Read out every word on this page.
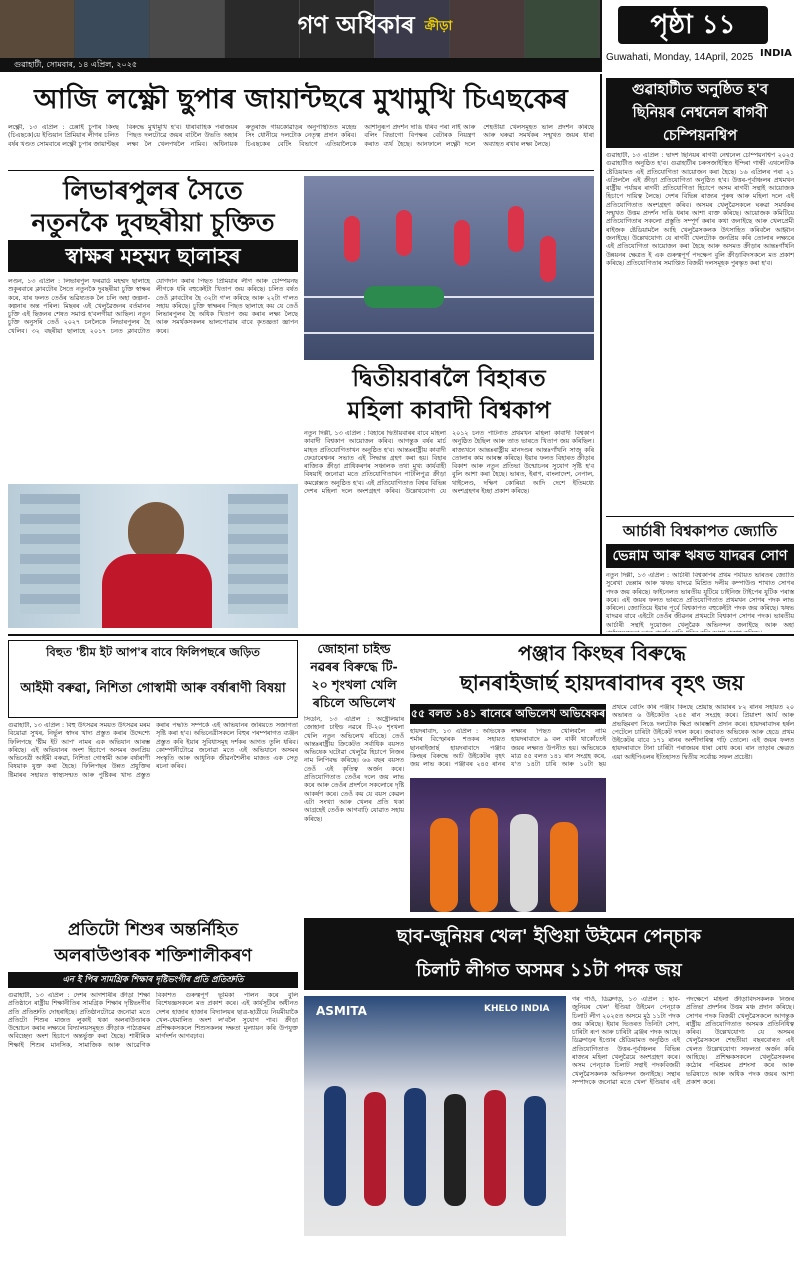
গণ অধিকাৰ ক্ৰীড়া
গুৱাহাটী, সোমবাৰ, ১৪ এপ্ৰিল, ২০২৫
পৃষ্ঠা ১১
Guwahati, Monday, 14April, 2025 INDIA
আজি লক্ষ্ণৌ ছুপাৰ জায়ান্টছৰে মুখামুখি চিএছকেৰ
লক্ষ্ণৌ, ১৩ এপ্ৰিল : চেন্নাই চুপাৰ কিংছ (চিএছকে)য়ে ইণ্ডিয়ান প্ৰিমিয়াৰ লীগৰ চলিত বৰ্ষৰ খণ্ডত সোমবাৰে লক্ষ্ণৌ চুপাৰ জায়ান্টছৰ বিৰুদ্ধে মুখামুখি হ'ব। ধাৰাবাহিক পৰাজয়ৰ পিছত দলটোৱে জয়ৰ বাটলৈ উভতি অহাৰ লক্ষ্য লৈ খেলপথলৈ নামিব। অধিনায়ক ৰুতুৰাজ গায়কোৱাড়ৰ অনুপস্থিতিত মহেন্দ্ৰ সিং ধোনীয়ে দলটোক নেতৃত্ব প্ৰদান কৰিব। চিএছকেৰ বেটিং বিভাগে এতিয়ালৈকে আশানুৰূপ প্ৰদৰ্শন দাঙি ধৰিব পৰা নাই আৰু বলিং বিভাগো বিপক্ষৰ বেটাৰক নিয়ন্ত্ৰণ কৰাত ব্যৰ্থ হৈছে। আনফালে লক্ষ্ণৌ দলে শেহতীয়া খেলসমূহত ভাল প্ৰদৰ্শন কৰিছে আৰু ঘৰুৱা সমৰ্থকৰ সন্মুখত জয়ৰ ধাৰা অব্যাহত ৰখাৰ লক্ষ্য লৈছে।
গুৱাহাটীত অনুষ্ঠিত হ'ব ছিনিয়ৰ নেশ্বনেল ৰাগবী চেম্পিয়নশ্বিপ
গুৱাহাটী, ১৩ এপ্ৰিল : দ্বাদশ ছিনিয়ৰ ৰাগবী নেশ্বনেল চেম্পিয়নশ্বিপ ২০২৫ গুৱাহাটীত অনুষ্ঠিত হ'ব। গুৱাহাটীৰ চৰুসজাইস্থিত ইন্দিৰা গান্ধী এথলেটিক ষ্টেডিয়ামত এই প্ৰতিযোগিতা আয়োজন কৰা হৈছে। ১৬ এপ্ৰিলৰ পৰা ২১ এপ্ৰিললৈ এই ক্ৰীড়া প্ৰতিযোগিতা অনুষ্ঠিত হ'ব। উত্তৰ-পূৰ্বাঞ্চলৰ প্ৰথমখন ৰাষ্ট্ৰীয় পৰ্যায়ৰ ৰাগবী প্ৰতিযোগিতা হিচাপে অসম ৰাগবী সন্থাই আয়োজক হিচাপে দায়িত্ব লৈছে। দেশৰ বিভিন্ন ৰাজ্যৰ পুৰুষ আৰু মহিলা দলে এই প্ৰতিযোগিতাত অংশগ্ৰহণ কৰিব। অসমৰ খেলুৱৈসকলে ঘৰুৱা সমৰ্থকৰ সন্মুখত উত্তম প্ৰদৰ্শন দাঙি ধৰাৰ আশা ব্যক্ত কৰিছে। আয়োজক কমিটিয়ে প্ৰতিযোগিতাৰ সকলো প্ৰস্তুতি সম্পূৰ্ণ কৰাৰ কথা জনাইছে আৰু খেলপ্ৰেমী ৰাইজক ষ্টেডিয়ামলৈ আহি খেলুৱৈসকলক উৎসাহিত কৰিবলৈ আহ্বান জনাইছে। উল্লেখযোগ্য যে ৰাগবী খেলটোক জনপ্ৰিয় কৰি তোলাৰ লক্ষ্যৰে এই প্ৰতিযোগিতা আয়োজন কৰা হৈছে আৰু অসমত ক্ৰীড়াৰ আন্তঃগাঁথনি উন্নয়নৰ ক্ষেত্ৰত ই এক গুৰুত্বপূৰ্ণ পদক্ষেপ বুলি ক্ৰীড়াবিদসকলে মত প্ৰকাশ কৰিছে। প্ৰতিযোগিতাৰ সমাপ্তিত বিজয়ী দলসমূহক পুৰস্কৃত কৰা হ'ব।
আৰ্চাৰী বিশ্বকাপত জ্যোতি
ভেন্নাম আৰু ঋষভ যাদৱৰ সোণ
নতুন দিল্লী, ১৩ এপ্ৰিল : আৰ্চাৰী বিশ্বকাপৰ প্ৰথম পৰ্যায়ত ভাৰতৰ জ্যোতি সুৰেখা ভেন্নাম আৰু ঋষভ যাদৱে মিশ্ৰিত দলীয় কম্পাউণ্ড শাখাত সোণৰ পদক জয় কৰিছে। ফাইনেলত ভাৰতীয় যুটিয়ে চাইনিজ টাইপেৰ যুটিক পৰাস্ত কৰে। এই জয়ৰ ফলত ভাৰতে প্ৰতিযোগিতাত প্ৰথমখন সোণৰ পদক লাভ কৰিলে। জ্যোতিয়ে ইয়াৰ পূৰ্বে বিশ্বকাপত বহুকেইটা পদক জয় কৰিছে। ঋষভ যাদৱৰ বাবে এইটো তেওঁৰ জীৱনৰ প্ৰথমটো বিশ্বকাপ সোণৰ পদক। ভাৰতীয় আৰ্চাৰী সন্থাই দুয়োজন খেলুৱৈক অভিনন্দন জনাইছে আৰু অহা
লিভাৰপুলৰ সৈতে
নতুনকৈ দুবছৰীয়া চুক্তিত
স্বাক্ষৰ মহম্মদ ছালাহৰ
লণ্ডন, ১৩ এপ্ৰিল : লিভাৰপুল ফৰৱাৰ্ড মহম্মদ ছালাহে শুকুৰবাৰে ক্লাবটোৰ সৈতে নতুনকৈ দুবছৰীয়া চুক্তি স্বাক্ষৰ কৰে, যাৰ ফলত তেওঁৰ ভৱিষ্যতক লৈ চলি অহা জল্পনা-কল্পনাৰ অন্ত পৰিল। মিছৰৰ এই খেলুৱৈজনৰ বৰ্তমানৰ চুক্তি এই ছিজনৰ শেষত সমাপ্ত হ'বলগীয়া আছিল। নতুন চুক্তি অনুসৰি তেওঁ ২০২৭ চনলৈকে লিভাৰপুলৰ হৈ খেলিব। ৩২ বছৰীয়া ছালাহে ২০১৭ চনত ক্লাবটোত যোগদান কৰাৰ পিছত প্ৰিমিয়াৰ লীগ আৰু চেম্পিয়নছ লীগকে ধৰি বহুকেইটা খিতাপ জয় কৰিছে। চলিত বৰ্ষত তেওঁ ক্লাবটোৰ হৈ ৩২টা গ'ল কৰিছে আৰু ২২টা গ'লত সহায় কৰিছে। চুক্তি স্বাক্ষৰৰ পিছত ছালাহে কয় যে তেওঁ লিভাৰপুলৰ হৈ অধিক খিতাপ জয় কৰাৰ লক্ষ্য লৈছে আৰু সমৰ্থকসকলৰ ভালপোৱাৰ বাবে কৃতজ্ঞতা জ্ঞাপন কৰে।
দ্বিতীয়বাৰলৈ বিহাৰত
মহিলা কাবাদী বিশ্বকাপ
নতুন দিল্লী, ১৩ এপ্ৰিল : বিহাৰে দ্বিতীয়বাৰৰ বাবে মহিলা কাবাদী বিশ্বকাপ আয়োজন কৰিব। আগন্তুক বৰ্ষৰ মাৰ্চ মাহত প্ৰতিযোগিতাখন অনুষ্ঠিত হ'ব। আন্তঃৰাষ্ট্ৰীয় কাবাদী ফেডাৰেশ্বনৰ সভাত এই সিদ্ধান্ত গ্ৰহণ কৰা হয়। বিহাৰ ৰাজ্যিক ক্ৰীড়া প্ৰাধিকৰণৰ সঞ্চালক তথা মুখ্য কাৰ্যবাহী বিষয়াই জনোৱা মতে প্ৰতিযোগিতাখন পাটলিপুত্ৰ ক্ৰীড়া কমপ্লেক্সত অনুষ্ঠিত হ'ব। এই প্ৰতিযোগিতাত বিশ্বৰ বিভিন্ন দেশৰ মহিলা দলে অংশগ্ৰহণ কৰিব। উল্লেখযোগ্য যে ২০১২ চনত পাটনাত প্ৰথমখন মহিলা কাবাদী বিশ্বকাপ অনুষ্ঠিত হৈছিল আৰু তাত ভাৰতে খিতাপ জয় কৰিছিল। ৰাজ্যখনে আন্তঃৰাষ্ট্ৰীয় মানদণ্ডৰ আন্তঃগাঁথনি সাজু কৰি তোলাৰ কাম আৰম্ভ কৰিছে। ইয়াৰ ফলত বিহাৰত ক্ৰীড়াৰ বিকাশ আৰু নতুন প্ৰতিভা উন্মোচনৰ সুযোগ সৃষ্টি হ'ব বুলি আশা কৰা হৈছে। ভাৰত, ইৰাণ, বাংলাদেশ, নেপাল, থাইলেণ্ড, দক্ষিণ কোৰিয়া আদি দেশে ইতিমধ্যে অংশগ্ৰহণৰ ইচ্ছা প্ৰকাশ কৰিছে।
বিহুত 'ষ্টীম ইট আপ'ৰ বাবে ফিলিপছৰে জড়িত
আইমী বৰুৱা, নিশিতা গোস্বামী আৰু বৰ্ষাৰাণী বিষয়া
গুৱাহাটী, ১৩ এপ্ৰিল : বিহু উৎসৱৰ সময়ত উৎসৱৰ মৰম বিয়োৱা সুখৰ, নিৰ্ভুল স্বাদৰ খাদ্য প্ৰস্তুত কৰাৰ উদ্দেশ্যে ফিলিপছে 'ষ্টীম ইট আপ' নামৰ এক অভিযান আৰম্ভ কৰিছে। এই অভিযানৰ অংশ হিচাপে অসমৰ জনপ্ৰিয় অভিনেত্ৰী আইমী বৰুৱা, নিশিতা গোস্বামী আৰু বৰ্ষাৰাণী বিষয়াক যুক্ত কৰা হৈছে। ফিলিপছৰ উন্নত প্ৰযুক্তিৰ ষ্টিমাৰৰ সহায়ত স্বাস্থ্যসন্মত আৰু পুষ্টিকৰ খাদ্য প্ৰস্তুত কৰাৰ পদ্ধতি সম্পৰ্কে এই অভিযানৰ জৰিয়তে সজাগতা সৃষ্টি কৰা হ'ব। অভিনেত্ৰীসকলে বিহুৰ পৰম্পৰাগত ব্যঞ্জন প্ৰস্তুত কৰি ইয়াৰ সুবিধাসমূহ দৰ্শকৰ আগত তুলি ধৰিব। কোম্পানীটোৱে জনোৱা মতে এই অভিযানে অসমৰ সংস্কৃতি আৰু আধুনিক জীৱনশৈলীৰ মাজত এক সেতু ৰচনা কৰিব।
জোহানা চাইল্ড
নৱৰৰ বিৰুদ্ধে টি-
২০ শৃংখলা খেলি
ৰচিলে অভিলেখ
সিডনি, ১৩ এপ্ৰিল : অষ্ট্ৰেলিয়াৰ জোহানা চাইল্ড নৱৰে টি-২০ শৃংখলা খেলি নতুন অভিলেখ ৰচিছে। তেওঁ আন্তঃৰাষ্ট্ৰীয় ক্ৰিকেটত সৰ্বাধিক বয়সত অভিষেক ঘটোৱা খেলুৱৈ হিচাপে নিজৰ নাম লিপিবদ্ধ কৰিছে। ৬৬ বছৰ বয়সত তেওঁ এই কৃতিত্ব অৰ্জন কৰে। প্ৰতিযোগিতাত তেওঁৰ দলে জয় লাভ কৰে আৰু তেওঁৰ প্ৰদৰ্শনে সকলোৰে দৃষ্টি আকৰ্ষণ কৰে। তেওঁ কয় যে বয়স কেৱল এটা সংখ্যা আৰু খেলৰ প্ৰতি থকা আগ্ৰহেই তেওঁক আগবাঢ়ি যোৱাত সহায় কৰিছে।
পঞ্জাব কিংছৰ বিৰুদ্ধে
ছানৰাইজাৰ্ছ হায়দৰাবাদৰ বৃহৎ জয়
৫৫ বলত ১৪১ ৰানেৰে অভিলেখ অভিষেকৰ
হায়দৰাবাদ, ১৩ এপ্ৰিল : অভিষেক শৰ্মাৰ বিস্ফোৰক শতকৰ সহায়ত ছানৰাইজাৰ্ছ হায়দৰাবাদে পঞ্জাব কিংছৰ বিৰুদ্ধে আট উইকেটৰ বৃহৎ জয় লাভ কৰে। পঞ্জাবৰ ২৪৫ ৰানৰ লক্ষ্যৰ পিছত খেলিবলৈ নামি হায়দৰাবাদে ৯ বল বাকী থাকোঁতেই জয়ৰ লক্ষ্যত উপনীত হয়। অভিষেকে মাত্ৰ ৫৫ বলত ১৪১ ৰান সংগ্ৰহ কৰে, য'ত ১৪টা চাৰি আৰু ১০টা ছয়
প্ৰথমে বেটিং কৰি পঞ্জাব কিংছে শ্ৰেয়াছ আয়াৰৰ ৮২ ৰানৰ সহায়ত ২০ অভাৰত ৬ উইকেটত ২৪৫ ৰান সংগ্ৰহ কৰে। প্ৰিয়াংশ আৰ্য আৰু প্ৰভছিমৰণ সিঙে দলটোক ক্ষিপ্ৰ আৰম্ভণি প্ৰদান কৰে। হায়দৰাবাদৰ হৰ্ষল পেটেলে চাৰিটা উইকেট দখল কৰে। জবাবত অভিষেক আৰু হেডে প্ৰথম উইকেটৰ বাবে ১৭১ ৰানৰ অংশীদাৰিত্ব গঢ়ি তোলে। এই জয়ৰ ফলত হায়দৰাবাদে টানা চাৰিটা পৰাজয়ৰ ধাৰা ৰোধ কৰে। ৰান তাড়াৰ ক্ষেত্ৰত এয়া আইপিএলৰ ইতিহাসত দ্বিতীয় সৰ্বোচ্চ সফল প্ৰচেষ্টা।
প্ৰতিটো শিশুৰ অন্তৰ্নিহিত
অলৰাউণ্ডাৰক শক্তিশালীকৰণ
এন ই পিৰ সামগ্ৰিক শিক্ষাৰ দৃষ্টিভংগীৰ প্ৰতি প্ৰতিশ্ৰুতি
গুৱাহাটী, ১৩ এপ্ৰিল : দেশৰ আগশাৰীৰ ক্ৰীড়া শিক্ষা প্ৰতিষ্ঠানে ৰাষ্ট্ৰীয় শিক্ষানীতিৰ সামগ্ৰিক শিক্ষাৰ দৃষ্টিভংগীৰ প্ৰতি প্ৰতিশ্ৰুতি দোহৰাইছে। প্ৰতিষ্ঠানটোৱে জনোৱা মতে প্ৰতিটো শিশুৰ মাজত লুকাই থকা অলৰাউণ্ডাৰক উন্মোচন কৰাৰ লক্ষ্যৰে বিদ্যালয়সমূহত ক্ৰীড়াক পাঠ্যক্ৰমৰ অবিচ্ছেদ্য অংশ হিচাপে অন্তৰ্ভুক্ত কৰা হৈছে। শাৰীৰিক শিক্ষাই শিশুৰ মানসিক, সামাজিক আৰু আৱেগিক বিকাশত গুৰুত্বপূৰ্ণ ভূমিকা পালন কৰে বুলি বিশেষজ্ঞসকলে মত প্ৰকাশ কৰে। এই কাৰ্যসূচীৰ অধীনত দেশৰ হাজাৰ হাজাৰ বিদ্যালয়ৰ ছাত্ৰ-ছাত্ৰীয়ে নিয়মীয়াকৈ খেল-ধেমালিত অংশ ল'বলৈ সুযোগ পাব। ক্ৰীড়া প্ৰশিক্ষকসকলে শিশুসকলৰ দক্ষতা মূল্যায়ন কৰি উপযুক্ত মাৰ্গদৰ্শন আগবঢ়াব।
ছাব-জুনিয়ৰ খেল' ইণ্ডিয়া উইমেন পেন্চাক
চিলাট লীগত অসমৰ ১১টা পদক জয়
ASMITA	KHELO INDIA
গৰ গাওঁ, ডিব্ৰুগড়, ১৩ এপ্ৰিল : ছাব-জুনিয়ৰ খেল' ইণ্ডিয়া উইমেন পেন্চাক চিলাট লীগ ২০২৫ত অসমে মুঠ ১১টা পদক জয় কৰিছে। ইয়াৰ ভিতৰত তিনিটা সোণ, চাৰিটা ৰূপ আৰু চাৰিটা ব্ৰঞ্জৰ পদক আছে। ডিব্ৰুগড়ৰ ইণ্ডোৰ ষ্টেডিয়ামত অনুষ্ঠিত এই প্ৰতিযোগিতাত উত্তৰ-পূৰ্বাঞ্চলৰ বিভিন্ন ৰাজ্যৰ মহিলা খেলুৱৈয়ে অংশগ্ৰহণ কৰে। অসম পেন্চাক চিলাট সন্থাই পদকবিজয়ী খেলুৱৈসকলক অভিনন্দন জনাইছে। সন্থাৰ সম্পাদকে জনোৱা মতে খেল' ইণ্ডিয়াৰ এই পদক্ষেপে মহিলা ক্ৰীড়াবিদসকলক নিজৰ প্ৰতিভা প্ৰদৰ্শনৰ উত্তম মঞ্চ প্ৰদান কৰিছে। সোণৰ পদক বিজয়ী খেলুৱৈসকলে আগন্তুক ৰাষ্ট্ৰীয় প্ৰতিযোগিতাত অসমক প্ৰতিনিধিত্ব কৰিব। উল্লেখযোগ্য যে অসমৰ খেলুৱৈসকলে শেহতীয়া বছৰবোৰত এই খেলত উল্লেখযোগ্য সফলতা অৰ্জন কৰি আহিছে। প্ৰশিক্ষকসকলে খেলুৱৈসকলৰ কঠোৰ পৰিশ্ৰমৰ প্ৰশংসা কৰে আৰু ভৱিষ্যতে আৰু অধিক পদক জয়ৰ আশা প্ৰকাশ কৰে।
